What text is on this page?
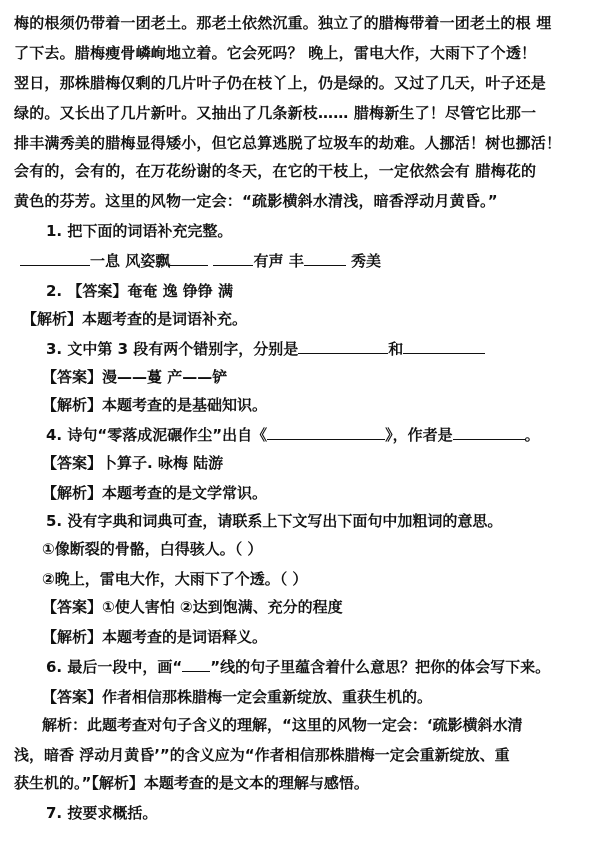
梅的根须仍带着一团老土。那老土依然沉重。独立了的腊梅带着一团老土的根 埋
了下去。腊梅瘦骨嶙峋地立着。它会死吗？ 晚上，雷电大作，大雨下了个透！
翌日，那株腊梅仅剩的几片叶子仍在枝丫上，仍是绿的。又过了几天，叶子还是
绿的。又长出了几片新叶。又抽出了几条新枝…… 腊梅新生了！尽管它比那一
排丰满秀美的腊梅显得矮小，但它总算逃脱了垃圾车的劫难。人挪活！树也挪活！
会有的，会有的，在万花纷谢的冬天，在它的干枝上，一定依然会有 腊梅花的
黄色的芬芳。这里的风物一定会：“疏影横斜水清浅，暗香浮动月黄昏。”
1. 把下面的词语补充完整。
一息 风姿飘	有声 丰	秀美
2. 【答案】奄奄 逸 铮铮 满
【解析】本题考查的是词语补充。
3. 文中第 3 段有两个错别字，分别是	和
【答案】漫——蔓 产——铲
【解析】本题考查的是基础知识。
4. 诗句“零落成泥碾作尘”出自《	》，作者是	。
【答案】卜算子. 咏梅 陆游
【解析】本题考查的是文学常识。
5. 没有字典和词典可查，请联系上下文写出下面句中加粗词的意思。
①像断裂的骨骼，白得骇人。（ ）
②晚上，雷电大作，大雨下了个透。（ ）
【答案】①使人害怕 ②达到饱满、充分的程度
【解析】本题考查的是词语释义。
6. 最后一段中，画“ ”线的句子里蕴含着什么意思？把你的体会写下来。
【答案】作者相信那株腊梅一定会重新绽放、重获生机的。
解析：此题考查对句子含义的理解，“这里的风物一定会：‘疏影横斜水清
浅，暗香 浮动月黄昏’”的含义应为“作者相信那株腊梅一定会重新绽放、重
获生机的。”【解析】本题考查的是文本的理解与感悟。
7. 按要求概括。
